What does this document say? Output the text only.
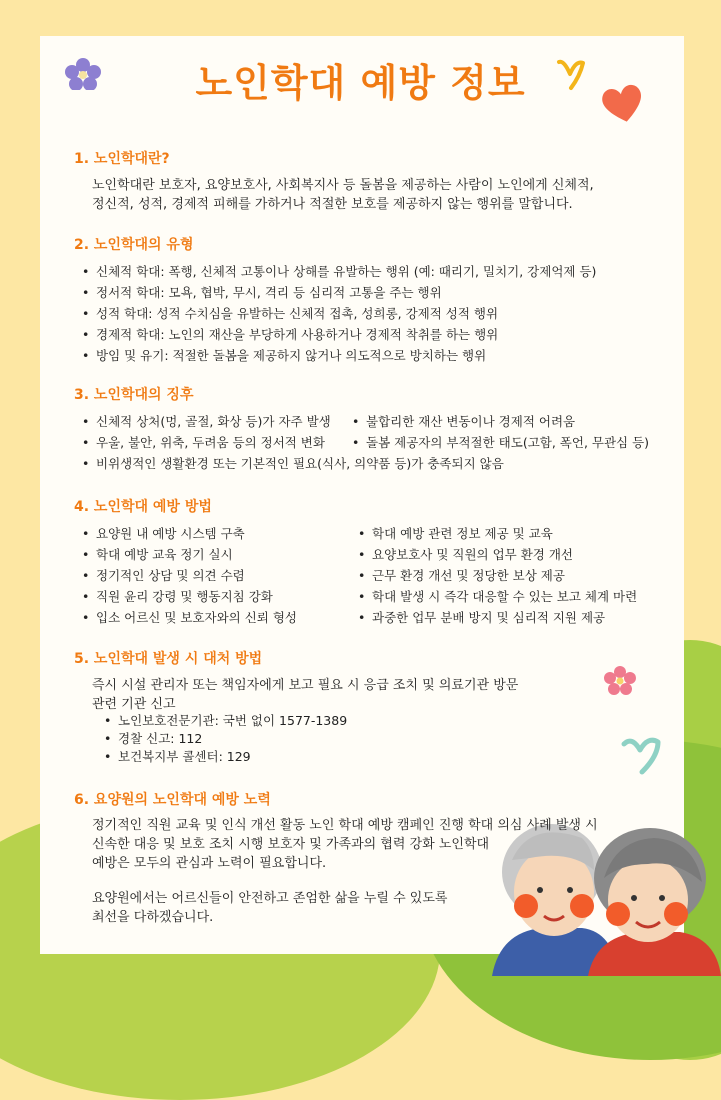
노인학대 예방 정보
1. 노인학대란?
노인학대란 보호자, 요양보호사, 사회복지사 등 돌봄을 제공하는 사람이 노인에게 신체적,
정신적, 성적, 경제적 피해를 가하거나 적절한 보호를 제공하지 않는 행위를 말합니다.
2. 노인학대의 유형
• 신체적 학대: 폭행, 신체적 고통이나 상해를 유발하는 행위 (예: 때리기, 밀치기, 강제억제 등)
• 정서적 학대: 모욕, 협박, 무시, 격리 등 심리적 고통을 주는 행위
• 성적 학대: 성적 수치심을 유발하는 신체적 접촉, 성희롱, 강제적 성적 행위
• 경제적 학대: 노인의 재산을 부당하게 사용하거나 경제적 착취를 하는 행위
• 방임 및 유기: 적절한 돌봄을 제공하지 않거나 의도적으로 방치하는 행위
3. 노인학대의 징후
• 신체적 상처(멍, 골절, 화상 등)가 자주 발생
• 우울, 불안, 위축, 두려움 등의 정서적 변화
• 비위생적인 생활환경 또는 기본적인 필요(식사, 의약품 등)가 충족되지 않음
• 불합리한 재산 변동이나 경제적 어려움
• 돌봄 제공자의 부적절한 태도(고함, 폭언, 무관심 등)
4. 노인학대 예방 방법
• 요양원 내 예방 시스템 구축
• 학대 예방 교육 정기 실시
• 정기적인 상담 및 의견 수렴
• 직원 윤리 강령 및 행동지침 강화
• 입소 어르신 및 보호자와의 신뢰 형성
• 학대 예방 관련 정보 제공 및 교육
• 요양보호사 및 직원의 업무 환경 개선
• 근무 환경 개선 및 정당한 보상 제공
• 학대 발생 시 즉각 대응할 수 있는 보고 체계 마련
• 과중한 업무 분배 방지 및 심리적 지원 제공
5. 노인학대 발생 시 대처 방법
즉시 시설 관리자 또는 책임자에게 보고 필요 시 응급 조치 및 의료기관 방문
관련 기관 신고
• 노인보호전문기관: 국번 없이 1577-1389
• 경찰 신고: 112
• 보건복지부 콜센터: 129
6. 요양원의 노인학대 예방 노력
정기적인 직원 교육 및 인식 개선 활동 노인 학대 예방 캠페인 진행 학대 의심 사례 발생 시
신속한 대응 및 보호 조치 시행 보호자 및 가족과의 협력 강화 노인학대
예방은 모두의 관심과 노력이 필요합니다.
요양원에서는 어르신들이 안전하고 존엄한 삶을 누릴 수 있도록
최선을 다하겠습니다.
